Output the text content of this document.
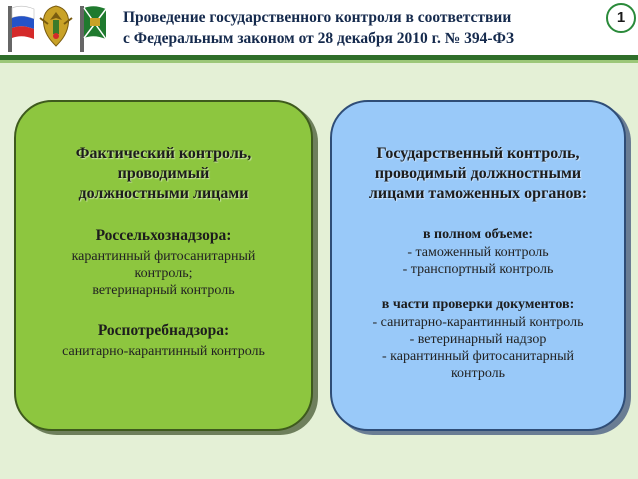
Проведение государственного контроля в соответствии
с Федеральным законом от 28 декабря 2010 г. № 394-ФЗ
1
Фактический контроль,
проводимый
должностными лицами
Россельхознадзора:
карантинный фитосанитарный
контроль;
ветеринарный контроль
Роспотребнадзора:
санитарно-карантинный контроль
Государственный контроль,
проводимый должностными
лицами таможенных органов:
в полном объеме:
- таможенный контроль
- транспортный контроль
в части проверки документов:
- санитарно-карантинный контроль
- ветеринарный надзор
- карантинный фитосанитарный
контроль
